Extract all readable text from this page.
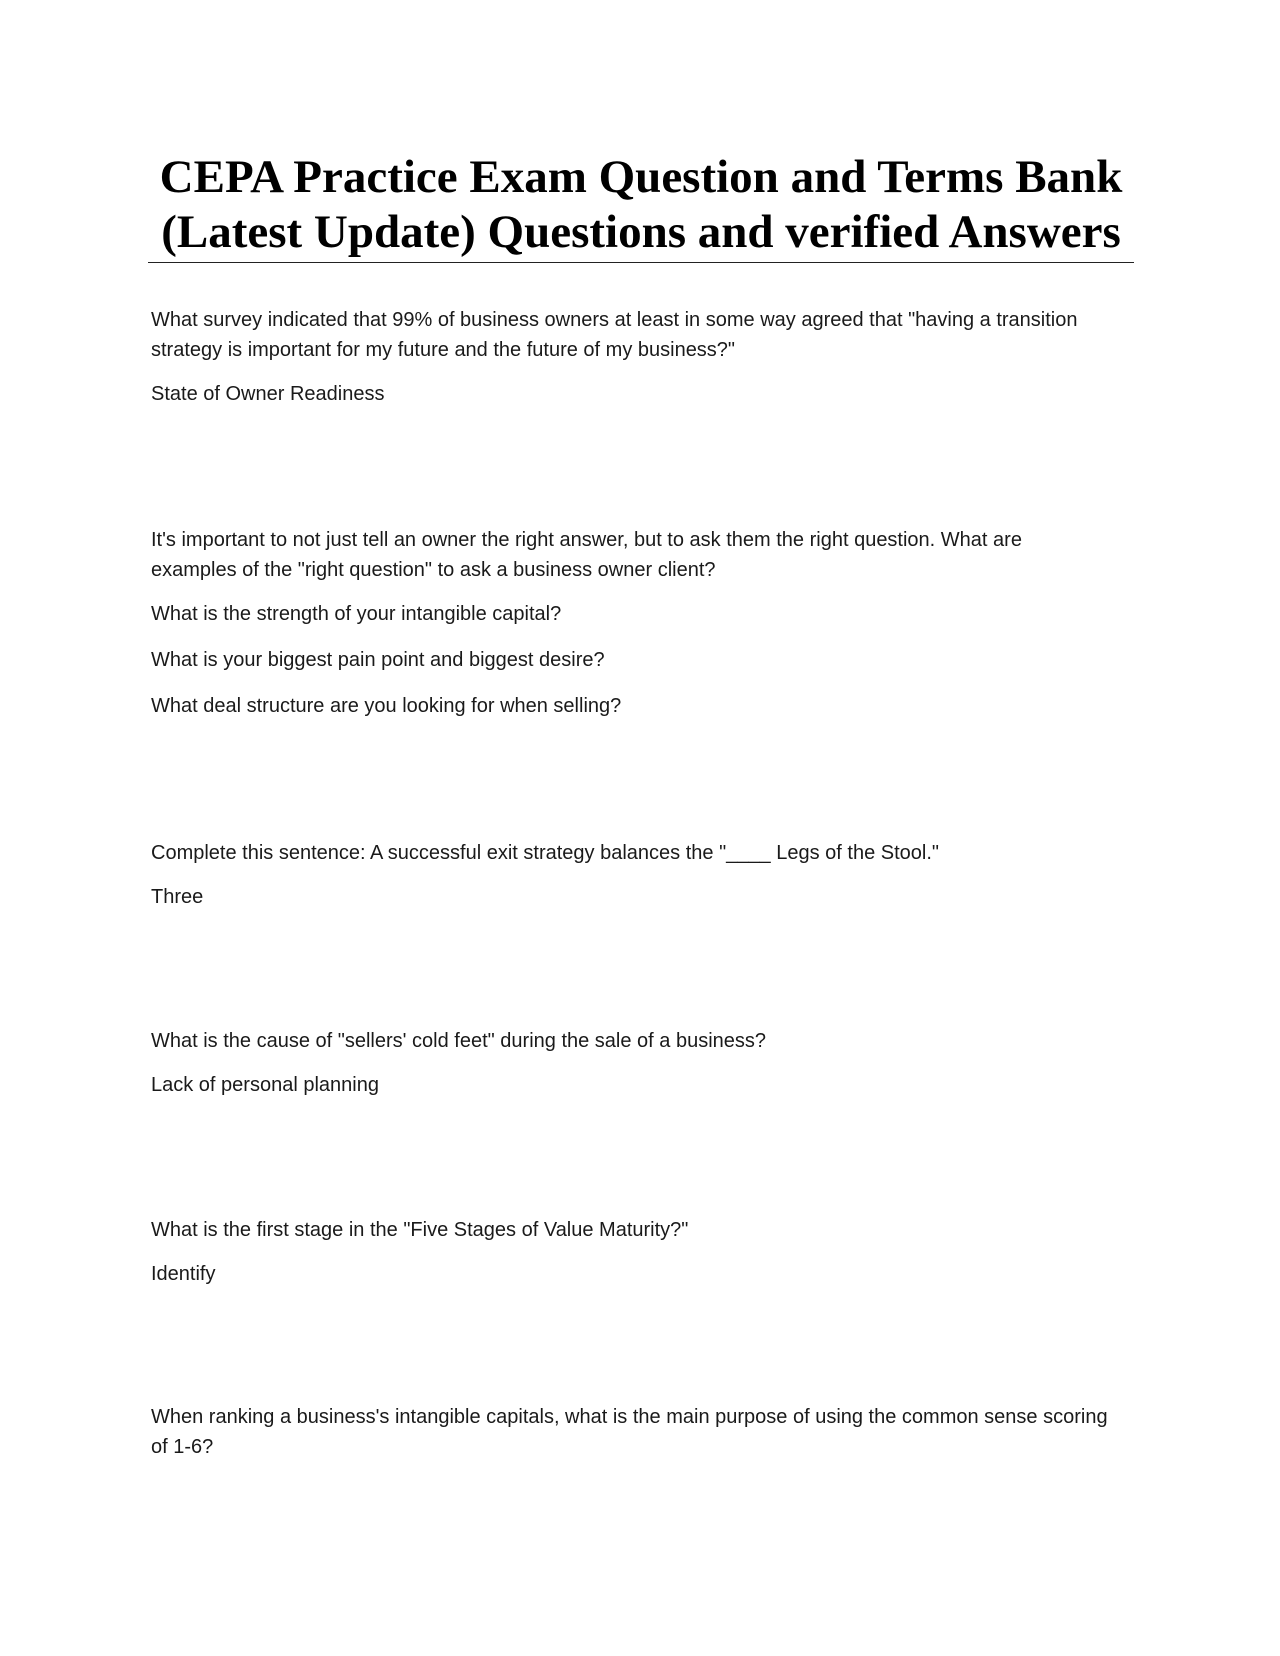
CEPA Practice Exam Question and Terms Bank
(Latest Update) Questions and verified Answers

What survey indicated that 99% of business owners at least in some way agreed that "having a transition strategy is important for my future and the future of my business?"

State of Owner Readiness

It's important to not just tell an owner the right answer, but to ask them the right question. What are examples of the "right question" to ask a business owner client?

What is the strength of your intangible capital?

What is your biggest pain point and biggest desire?

What deal structure are you looking for when selling?

Complete this sentence: A successful exit strategy balances the "____ Legs of the Stool."

Three

What is the cause of "sellers' cold feet" during the sale of a business?

Lack of personal planning

What is the first stage in the "Five Stages of Value Maturity?"

Identify

When ranking a business's intangible capitals, what is the main purpose of using the common sense scoring of 1-6?
